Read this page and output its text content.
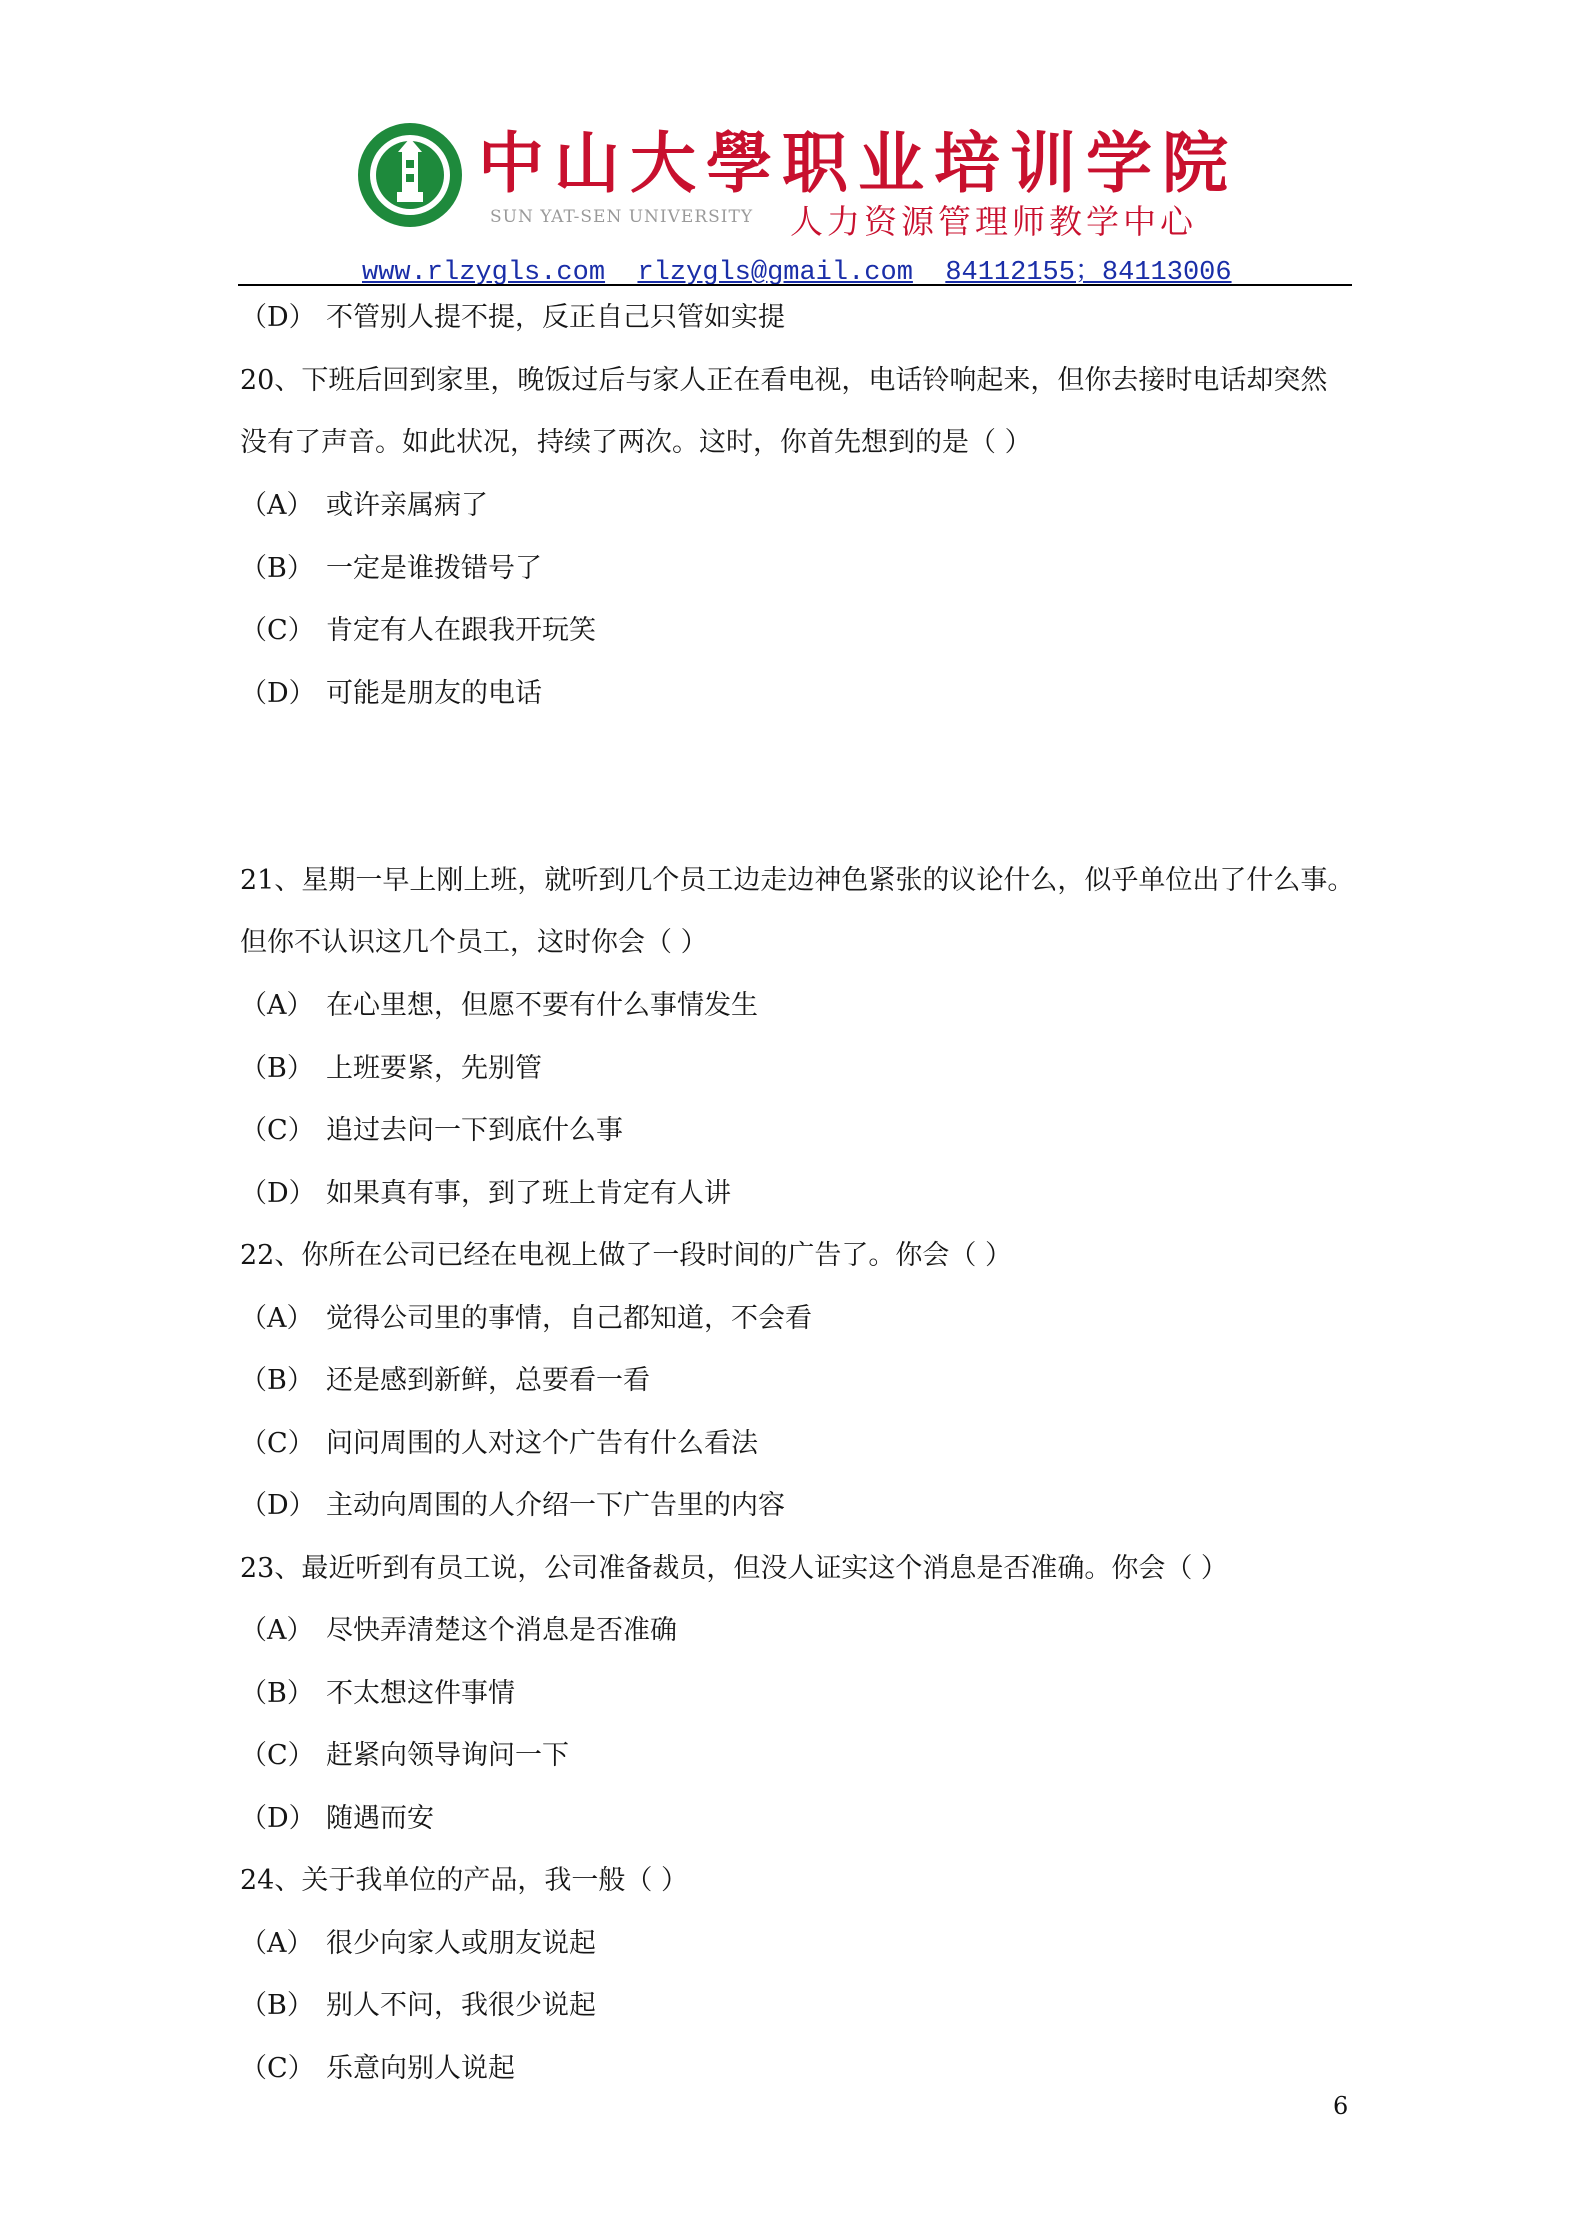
中山大學职业培训学院
SUN YAT-SEN UNIVERSITY 人力资源管理师教学中心
www.rlzygls.com rlzygls@gmail.com 84112155；84113006
（D） 不管别人提不提，反正自己只管如实提
20、下班后回到家里，晚饭过后与家人正在看电视，电话铃响起来，但你去接时电话却突然
没有了声音。如此状况，持续了两次。这时，你首先想到的是（ ）
（A） 或许亲属病了
（B） 一定是谁拨错号了
（C） 肯定有人在跟我开玩笑
（D） 可能是朋友的电话
21、星期一早上刚上班，就听到几个员工边走边神色紧张的议论什么，似乎单位出了什么事。
但你不认识这几个员工，这时你会（ ）
（A） 在心里想，但愿不要有什么事情发生
（B） 上班要紧，先别管
（C） 追过去问一下到底什么事
（D） 如果真有事，到了班上肯定有人讲
22、你所在公司已经在电视上做了一段时间的广告了。你会（ ）
（A） 觉得公司里的事情，自己都知道，不会看
（B） 还是感到新鲜，总要看一看
（C） 问问周围的人对这个广告有什么看法
（D） 主动向周围的人介绍一下广告里的内容
23、最近听到有员工说，公司准备裁员，但没人证实这个消息是否准确。你会（ ）
（A） 尽快弄清楚这个消息是否准确
（B） 不太想这件事情
（C） 赶紧向领导询问一下
（D） 随遇而安
24、关于我单位的产品，我一般（ ）
（A） 很少向家人或朋友说起
（B） 别人不问，我很少说起
（C） 乐意向别人说起
6
